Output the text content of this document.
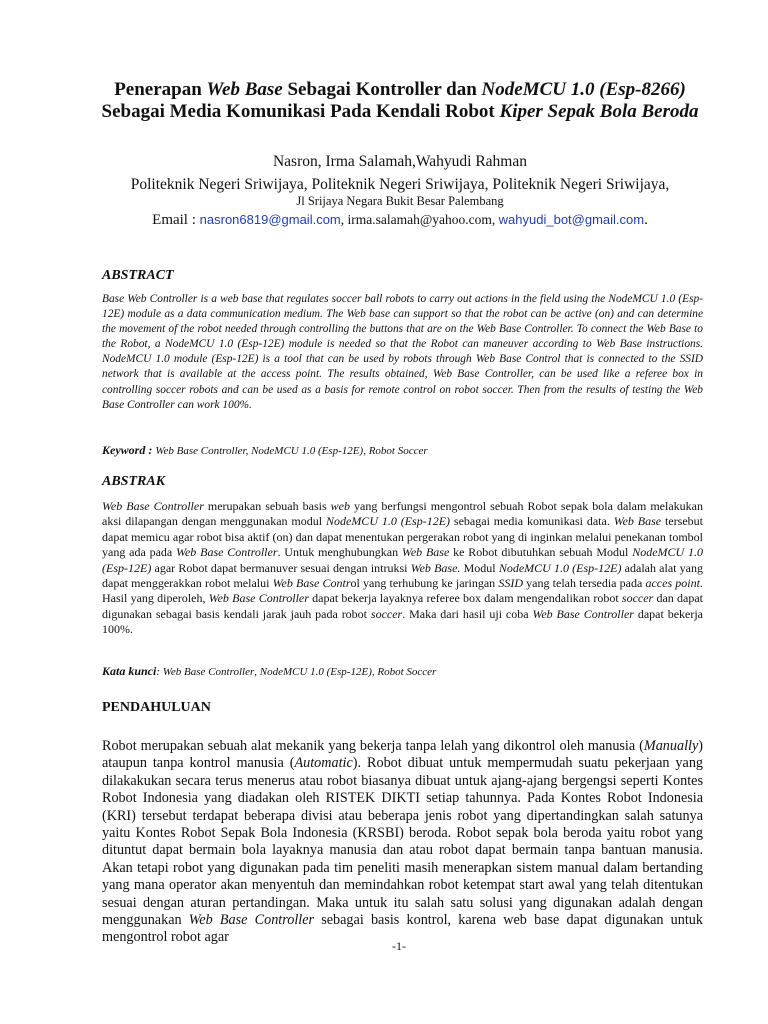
Penerapan Web Base Sebagai Kontroller dan NodeMCU 1.0 (Esp-8266) Sebagai Media Komunikasi Pada Kendali Robot Kiper Sepak Bola Beroda
Nasron, Irma Salamah,Wahyudi Rahman
Politeknik Negeri Sriwijaya, Politeknik Negeri Sriwijaya, Politeknik Negeri Sriwijaya,
Jl Srijaya Negara Bukit Besar Palembang
Email : nasron6819@gmail.com, irma.salamah@yahoo.com, wahyudi_bot@gmail.com.
ABSTRACT
Base Web Controller is a web base that regulates soccer ball robots to carry out actions in the field using the NodeMCU 1.0 (Esp-12E) module as a data communication medium. The Web base can support so that the robot can be active (on) and can determine the movement of the robot needed through controlling the buttons that are on the Web Base Controller. To connect the Web Base to the Robot, a NodeMCU 1.0 (Esp-12E) module is needed so that the Robot can maneuver according to Web Base instructions. NodeMCU 1.0 module (Esp-12E) is a tool that can be used by robots through Web Base Control that is connected to the SSID network that is available at the access point. The results obtained, Web Base Controller, can be used like a referee box in controlling soccer robots and can be used as a basis for remote control on robot soccer. Then from the results of testing the Web Base Controller can work 100%.
Keyword : Web Base Controller, NodeMCU 1.0 (Esp-12E), Robot Soccer
ABSTRAK
Web Base Controller merupakan sebuah basis web yang berfungsi mengontrol sebuah Robot sepak bola dalam melakukan aksi dilapangan dengan menggunakan modul NodeMCU 1.0 (Esp-12E) sebagai media komunikasi data. Web Base tersebut dapat memicu agar robot bisa aktif (on) dan dapat menentukan pergerakan robot yang di inginkan melalui penekanan tombol yang ada pada Web Base Controller. Untuk menghubungkan Web Base ke Robot dibutuhkan sebuah Modul NodeMCU 1.0 (Esp-12E) agar Robot dapat bermanuver sesuai dengan intruksi Web Base. Modul NodeMCU 1.0 (Esp-12E) adalah alat yang dapat menggerakkan robot melalui Web Base Control yang terhubung ke jaringan SSID yang telah tersedia pada acces point. Hasil yang diperoleh, Web Base Controller dapat bekerja layaknya referee box dalam mengendalikan robot soccer dan dapat digunakan sebagai basis kendali jarak jauh pada robot soccer. Maka dari hasil uji coba Web Base Controller dapat bekerja 100%.
Kata kunci: Web Base Controller, NodeMCU 1.0 (Esp-12E), Robot Soccer
PENDAHULUAN
Robot merupakan sebuah alat mekanik yang bekerja tanpa lelah yang dikontrol oleh manusia (Manually) ataupun tanpa kontrol manusia (Automatic). Robot dibuat untuk mempermudah suatu pekerjaan yang dilakakukan secara terus menerus atau robot biasanya dibuat untuk ajang-ajang bergengsi seperti Kontes Robot Indonesia yang diadakan oleh RISTEK DIKTI setiap tahunnya. Pada Kontes Robot Indonesia (KRI) tersebut terdapat beberapa divisi atau beberapa jenis robot yang dipertandingkan salah satunya yaitu Kontes Robot Sepak Bola Indonesia (KRSBI) beroda. Robot sepak bola beroda yaitu robot yang dituntut dapat bermain bola layaknya manusia dan atau robot dapat bermain tanpa bantuan manusia. Akan tetapi robot yang digunakan pada tim peneliti masih menerapkan sistem manual dalam bertanding yang mana operator akan menyentuh dan memindahkan robot ketempat start awal yang telah ditentukan sesuai dengan aturan pertandingan. Maka untuk itu salah satu solusi yang digunakan adalah dengan menggunakan Web Base Controller sebagai basis kontrol, karena web base dapat digunakan untuk mengontrol robot agar
-1-
